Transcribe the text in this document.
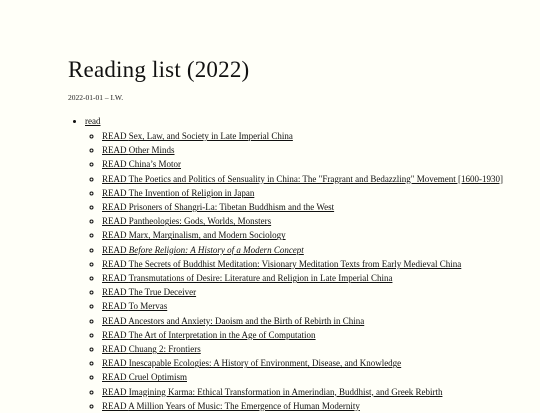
Reading list (2022)
2022-01-01 – I.W.
• read
◦ READ Sex, Law, and Society in Late Imperial China
◦ READ Other Minds
◦ READ China’s Motor
◦ READ The Poetics and Politics of Sensuality in China: The "Fragrant and Bedazzling" Movement [1600-1930]
◦ READ The Invention of Religion in Japan
◦ READ Prisoners of Shangri-La: Tibetan Buddhism and the West
◦ READ Pantheologies: Gods, Worlds, Monsters
◦ READ Marx, Marginalism, and Modern Sociology
◦ READ Before Religion: A History of a Modern Concept
◦ READ The Secrets of Buddhist Meditation: Visionary Meditation Texts from Early Medieval China
◦ READ Transmutations of Desire: Literature and Religion in Late Imperial China
◦ READ The True Deceiver
◦ READ To Mervas
◦ READ Ancestors and Anxiety: Daoism and the Birth of Rebirth in China
◦ READ The Art of Interpretation in the Age of Computation
◦ READ Chuang 2: Frontiers
◦ READ Inescapable Ecologies: A History of Environment, Disease, and Knowledge
◦ READ Cruel Optimism
◦ READ Imagining Karma: Ethical Transformation in Amerindian, Buddhist, and Greek Rebirth
◦ READ A Million Years of Music: The Emergence of Human Modernity
